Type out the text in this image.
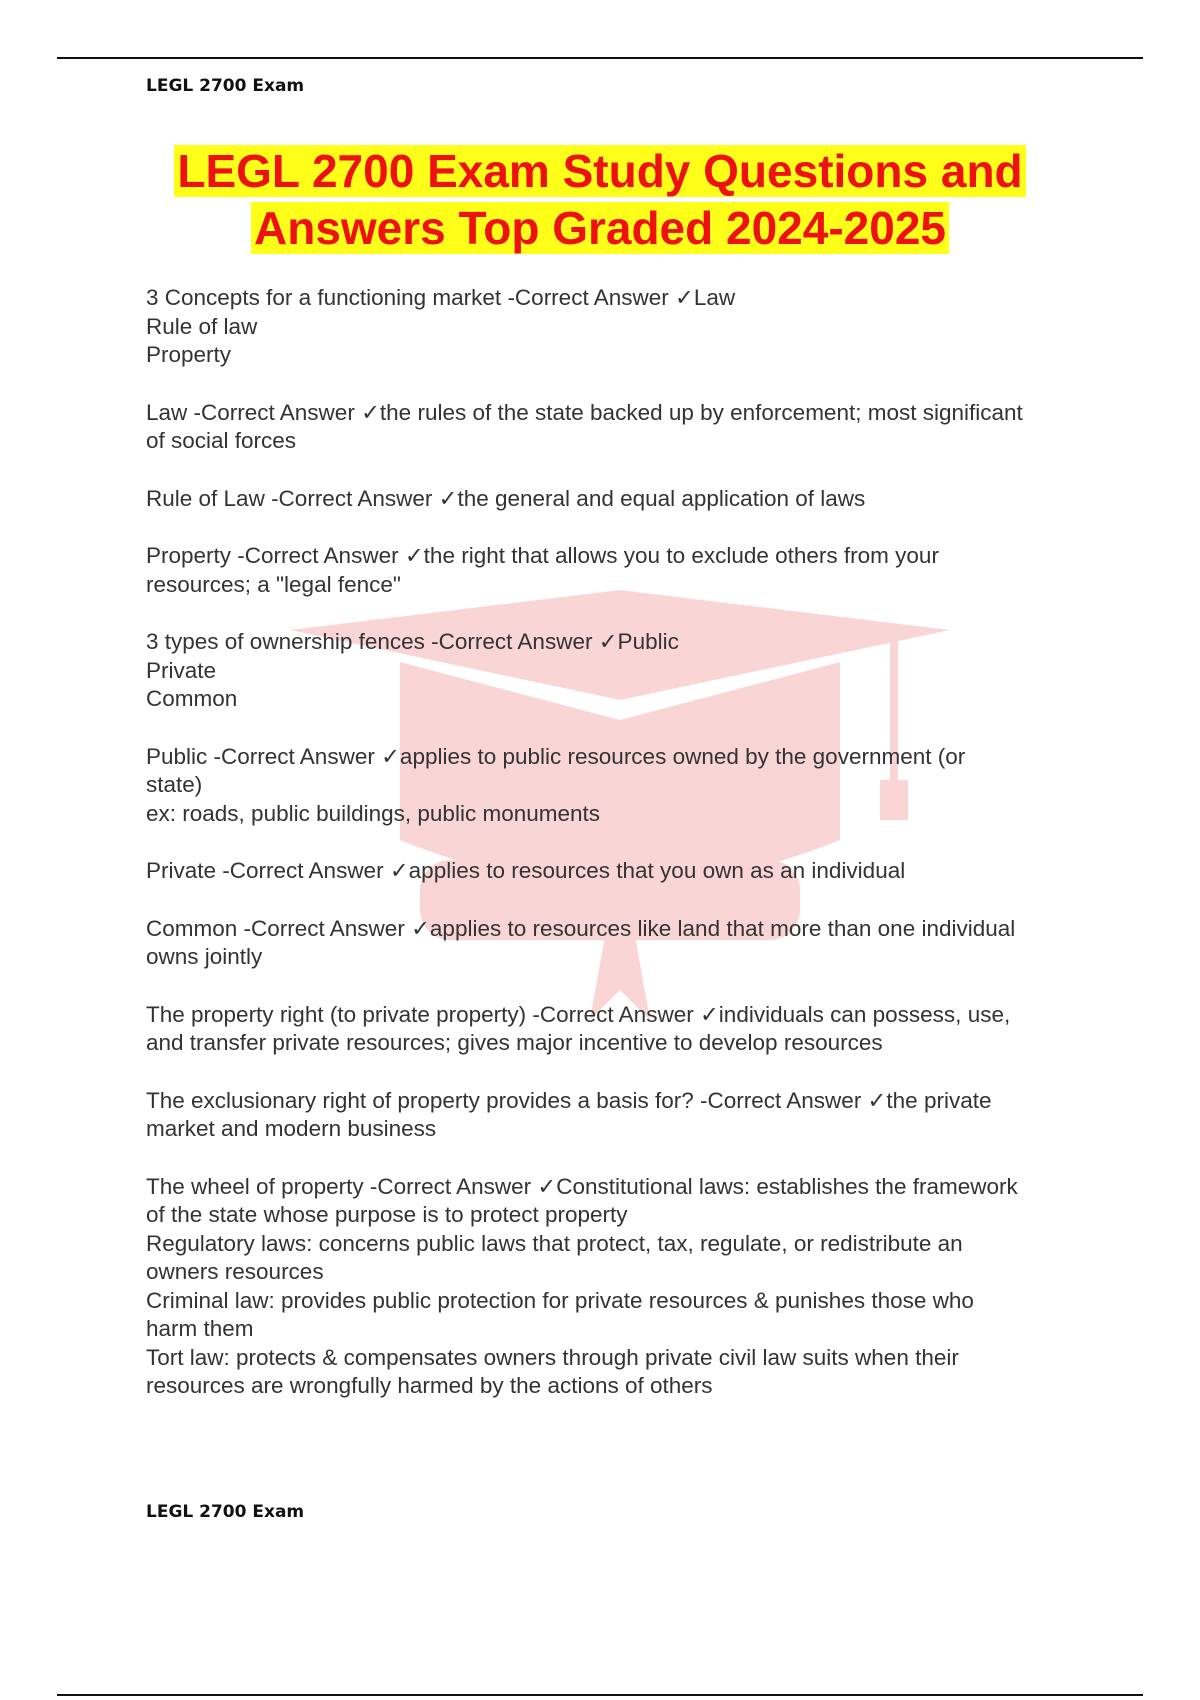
LEGL 2700 Exam
LEGL 2700 Exam Study Questions and
Answers Top Graded 2024-2025
3 Concepts for a functioning market -Correct Answer ✓Law
Rule of law
Property
Law -Correct Answer ✓the rules of the state backed up by enforcement; most significant
of social forces
Rule of Law -Correct Answer ✓the general and equal application of laws
Property -Correct Answer ✓the right that allows you to exclude others from your
resources; a "legal fence"
3 types of ownership fences -Correct Answer ✓Public
Private
Common
Public -Correct Answer ✓applies to public resources owned by the government (or
state)
ex: roads, public buildings, public monuments
Private -Correct Answer ✓applies to resources that you own as an individual
Common -Correct Answer ✓applies to resources like land that more than one individual
owns jointly
The property right (to private property) -Correct Answer ✓individuals can possess, use,
and transfer private resources; gives major incentive to develop resources
The exclusionary right of property provides a basis for? -Correct Answer ✓the private
market and modern business
The wheel of property -Correct Answer ✓Constitutional laws: establishes the framework
of the state whose purpose is to protect property
Regulatory laws: concerns public laws that protect, tax, regulate, or redistribute an
owners resources
Criminal law: provides public protection for private resources & punishes those who
harm them
Tort law: protects & compensates owners through private civil law suits when their
resources are wrongfully harmed by the actions of others
LEGL 2700 Exam
